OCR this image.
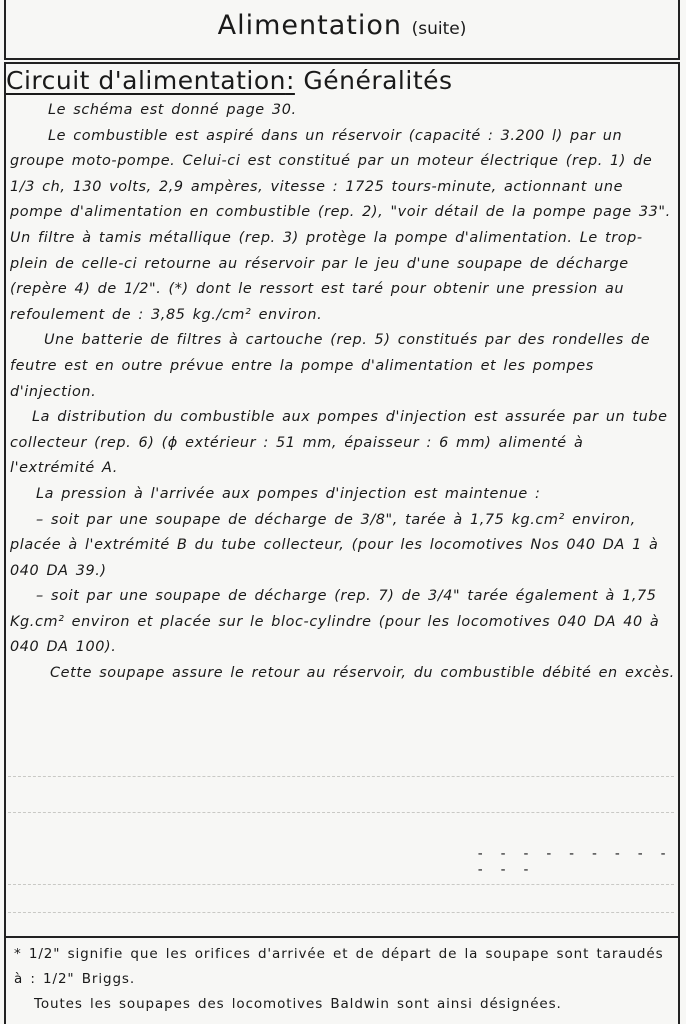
Alimentation (suite)
Circuit d'alimentation: Généralités

Le schéma est donné page 30.

Le combustible est aspiré dans un réservoir (capacité : 3.200 l) par un groupe moto-pompe. Celui-ci est constitué par un moteur électrique (rep. 1) de 1/3 ch, 130 volts, 2,9 ampères, vitesse : 1725 tours-minute, actionnant une pompe d'alimentation en combustible (rep. 2), "voir détail de la pompe page 33". Un filtre à tamis métallique (rep. 3) protège la pompe d'alimentation. Le trop-plein de celle-ci retourne au réservoir par le jeu d'une soupape de décharge (repère 4) de 1/2". (*) dont le ressort est taré pour obtenir une pression au refoulement de : 3,85 kg./cm² environ.

Une batterie de filtres à cartouche (rep. 5) constitués par des rondelles de feutre est en outre prévue entre la pompe d'alimentation et les pompes d'injection.

La distribution du combustible aux pompes d'injection est assurée par un tube collecteur (rep. 6) (ϕ extérieur : 51 mm, épaisseur : 6 mm) alimenté à l'extrémité A.

La pression à l'arrivée aux pompes d'injection est maintenue :

– soit par une soupape de décharge de 3/8", tarée à 1,75 kg.cm² environ, placée à l'extrémité B du tube collecteur, (pour les locomotives Nos 040 DA 1 à 040 DA 39.)

– soit par une soupape de décharge (rep. 7) de 3/4" tarée également à 1,75 Kg.cm² environ et placée sur le bloc-cylindre (pour les locomotives 040 DA 40 à 040 DA 100).

Cette soupape assure le retour au réservoir, du combustible débité en excès.

- - - - - - - - - - - -

* 1/2" signifie que les orifices d'arrivée et de départ de la soupape sont taraudés à : 1/2" Briggs.

Toutes les soupapes des locomotives Baldwin sont ainsi désignées.
